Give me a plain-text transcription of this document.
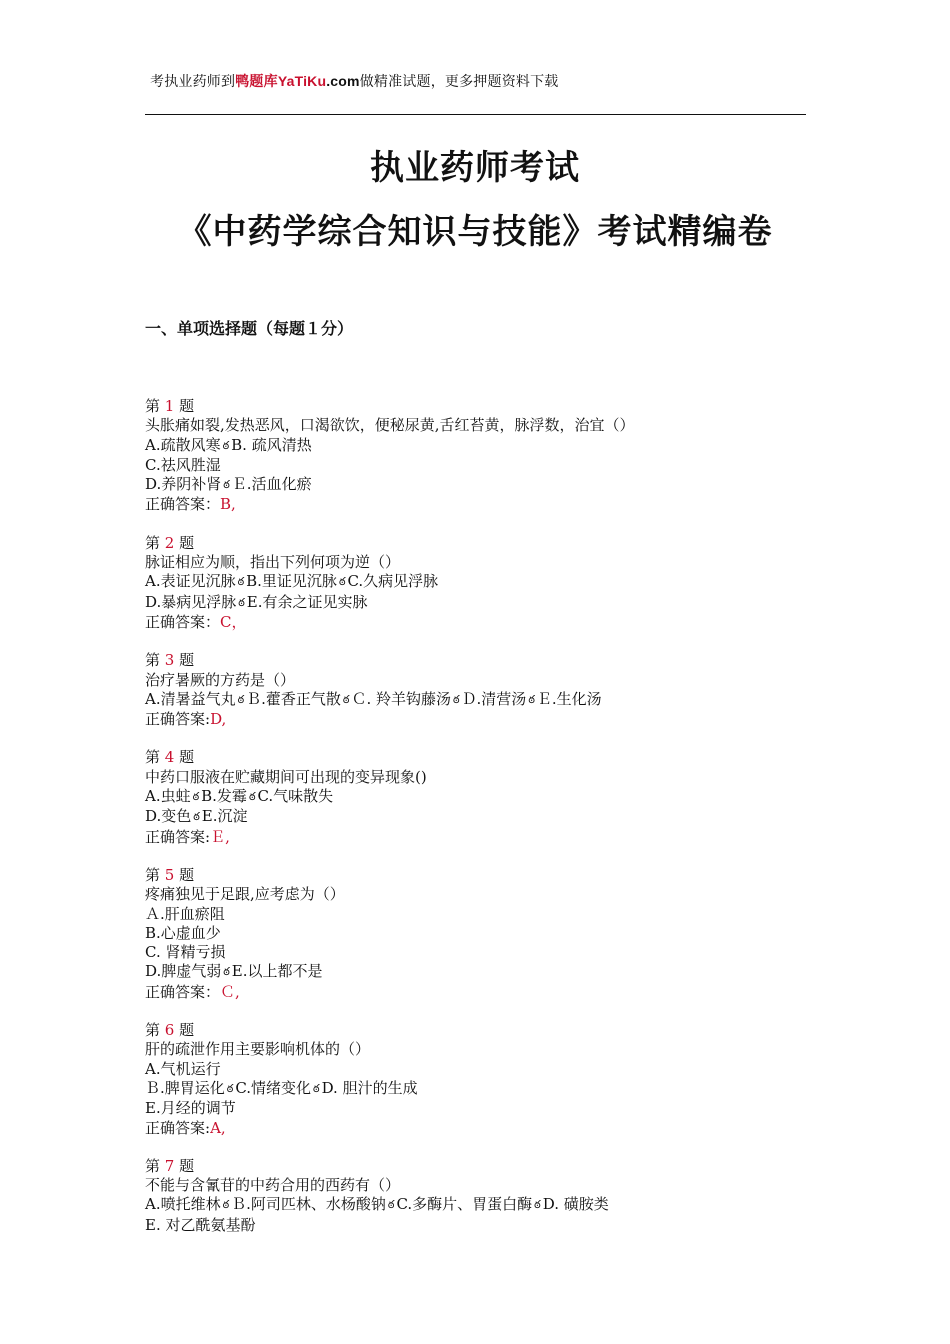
考执业药师到鸭题库YaTiKu.com做精准试题，更多押题资料下载
执业药师考试
《中药学综合知识与技能》考试精编卷
一、单项选择题（每题１分）
第 1 题
头胀痛如裂,发热恶风，口渴欲饮，便秘尿黄,舌红苔黄，脉浮数，治宜（）
A.疏散风寒 ఠ B. 疏风清热
C.祛风胜湿
D.养阴补肾 ఠ Ｅ.活血化瘀
正确答案：B,
第 2 题
脉证相应为顺，指出下列何项为逆（）
A.表证见沉脉 ఠ B.里证见沉脉 ఠ C.久病见浮脉
D.暴病见浮脉 ఠ E.有余之证见实脉
正确答案：C，
第 3 题
治疗暑厥的方药是（）
A.清暑益气丸 ఠ Ｂ.藿香正气散 ఠ Ｃ. 羚羊钩藤汤 ఠ Ｄ.清营汤 ఠ Ｅ.生化汤
正确答案:D,
第 4 题
中药口服液在贮藏期间可出现的变异现象()
A.虫蛀 ఠ B.发霉 ఠ C.气味散失
D.变色 ఠ E.沉淀
正确答案:Ｅ,
第 5 题
疼痛独见于足跟,应考虑为（）
Ａ.肝血瘀阻
B.心虚血少
C. 肾精亏损
D.脾虚气弱 ఠ E.以上都不是
正确答案：Ｃ,
第 6 题
肝的疏泄作用主要影响机体的（）
A.气机运行
Ｂ.脾胃运化 ఠ C.情绪变化 ఠ D. 胆汁的生成
E.月经的调节
正确答案:A,
第 7 题
不能与含氰苷的中药合用的西药有（）
A.喷托维林 ఠ Ｂ.阿司匹林、水杨酸钠 ఠ C.多酶片、胃蛋白酶 ఠ D. 磺胺类
E. 对乙酰氨基酚
